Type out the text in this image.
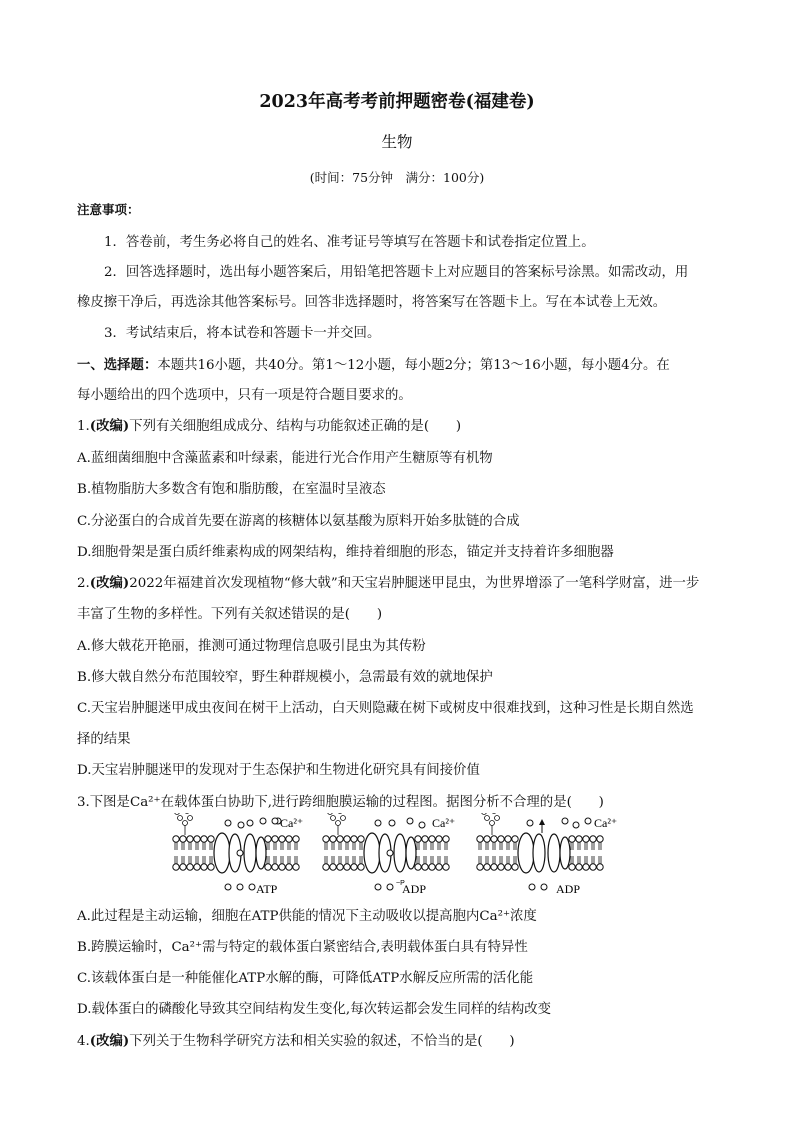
2023年高考考前押题密卷(福建卷)
生物
(时间：75分钟　满分：100分)
注意事项：
1．答卷前，考生务必将自己的姓名、准考证号等填写在答题卡和试卷指定位置上。
2．回答选择题时，选出每小题答案后，用铅笔把答题卡上对应题目的答案标号涂黑。如需改动，用
橡皮擦干净后，再选涂其他答案标号。回答非选择题时，将答案写在答题卡上。写在本试卷上无效。
3．考试结束后，将本试卷和答题卡一并交回。
一、选择题：本题共16小题，共40分。第1～12小题，每小题2分；第13～16小题，每小题4分。在
每小题给出的四个选项中，只有一项是符合题目要求的。
1.(改编)下列有关细胞组成成分、结构与功能叙述正确的是(　　)
A.蓝细菌细胞中含藻蓝素和叶绿素，能进行光合作用产生糖原等有机物
B.植物脂肪大多数含有饱和脂肪酸，在室温时呈液态
C.分泌蛋白的合成首先要在游离的核糖体以氨基酸为原料开始多肽链的合成
D.细胞骨架是蛋白质纤维素构成的网架结构，维持着细胞的形态，锚定并支持着许多细胞器
2.(改编)2022年福建首次发现植物“修大戟”和天宝岩肿腿迷甲昆虫，为世界增添了一笔科学财富，进一步
丰富了生物的多样性。下列有关叙述错误的是(　　)
A.修大戟花开艳丽，推测可通过物理信息吸引昆虫为其传粉
B.修大戟自然分布范围较窄，野生种群规模小，急需最有效的就地保护
C.天宝岩肿腿迷甲成虫夜间在树干上活动，白天则隐藏在树下或树皮中很难找到，这种习性是长期自然选
择的结果
D.天宝岩肿腿迷甲的发现对于生态保护和生物进化研究具有间接价值
3.下图是Ca²⁺在载体蛋白协助下,进行跨细胞膜运输的过程图。据图分析不合理的是(　　)
Ca²⁺
ATP	~P
Ca²⁺
ADP
Ca²⁺
ADP
A.此过程是主动运输，细胞在ATP供能的情况下主动吸收以提高胞内Ca²⁺浓度
B.跨膜运输时，Ca²⁺需与特定的载体蛋白紧密结合,表明载体蛋白具有特异性
C.该载体蛋白是一种能催化ATP水解的酶，可降低ATP水解反应所需的活化能
D.载体蛋白的磷酸化导致其空间结构发生变化,每次转运都会发生同样的结构改变
4.(改编)下列关于生物科学研究方法和相关实验的叙述，不恰当的是(　　)
